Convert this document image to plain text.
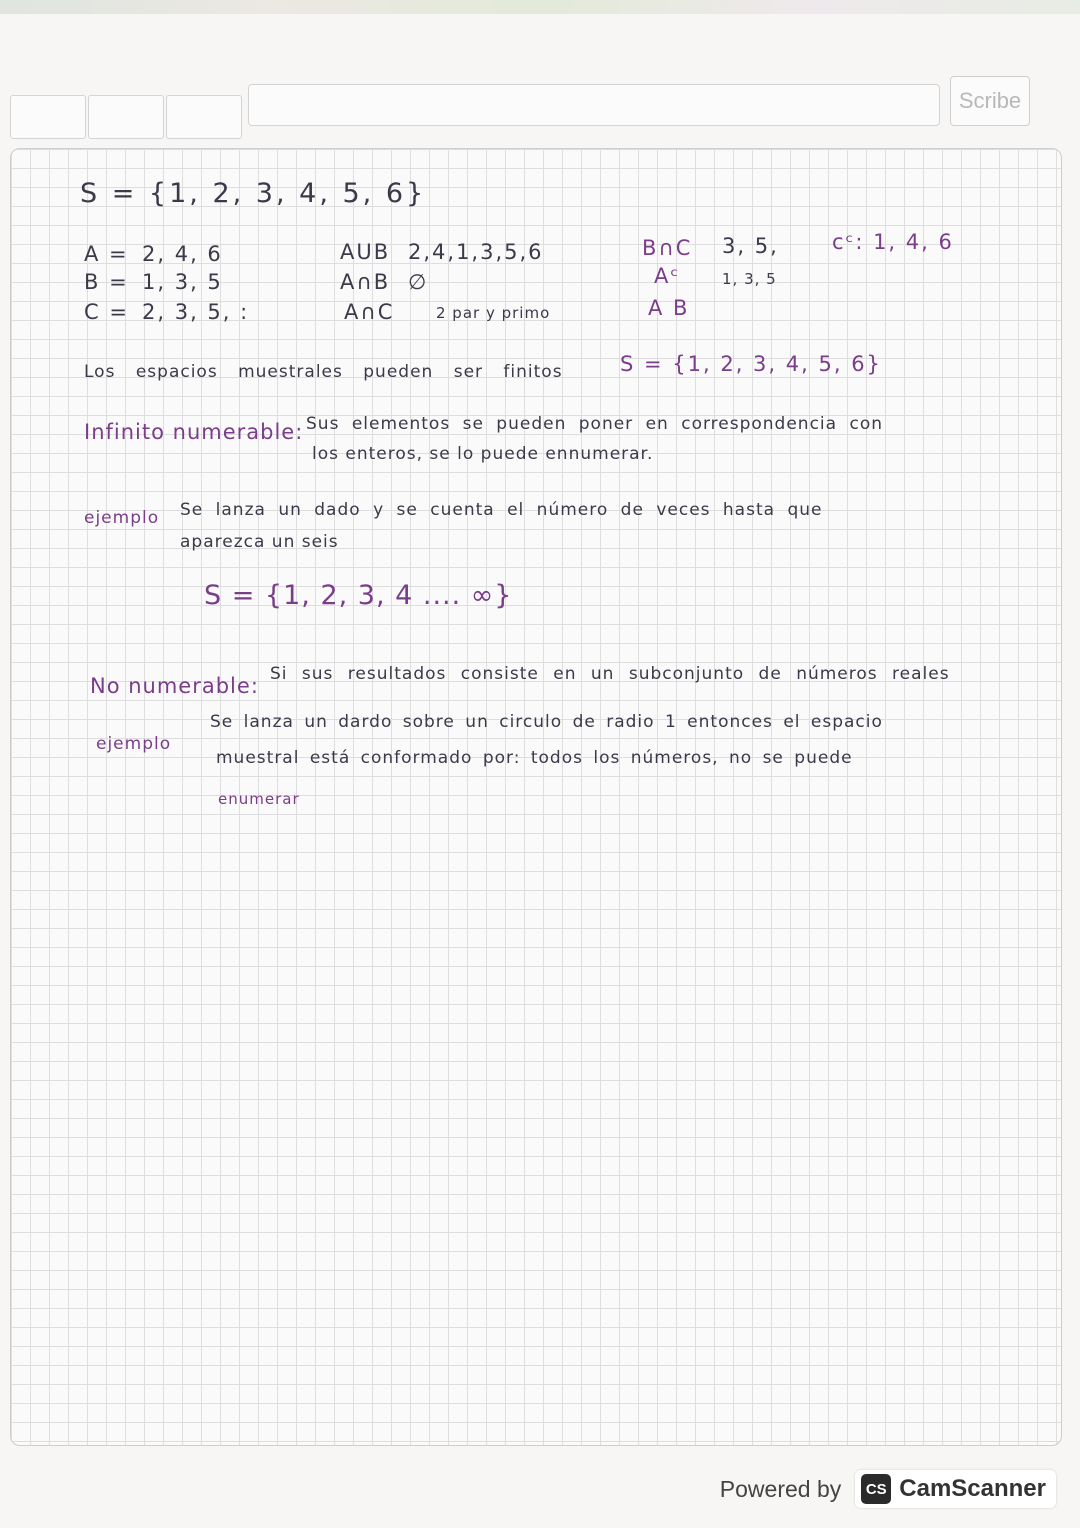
Scribe
S = {1, 2, 3, 4, 5, 6}
A = 2, 4, 6
B = 1, 3, 5
C = 2, 3, 5, :
AUB 2,4,1,3,5,6
A∩B ∅
A∩C	2 par y primo
B∩C 3, 5,
Aᶜ	1, 3, 5
A B
cᶜ: 1, 4, 6
Los espacios muestrales pueden ser finitos	S = {1, 2, 3, 4, 5, 6}
Infinito numerable: Sus elementos se pueden poner en correspondencia con
los enteros, se lo puede ennumerar.
ejemplo Se lanza un dado y se cuenta el número de veces hasta que
aparezca un seis
S = {1, 2, 3, 4 .... ∞}
No numerable: Si sus resultados consiste en un subconjunto de números reales
ejemplo
Se lanza un dardo sobre un circulo de radio 1 entonces el espacio
muestral está conformado por: todos los números, no se puede
enumerar
Powered by	CS CamScanner
